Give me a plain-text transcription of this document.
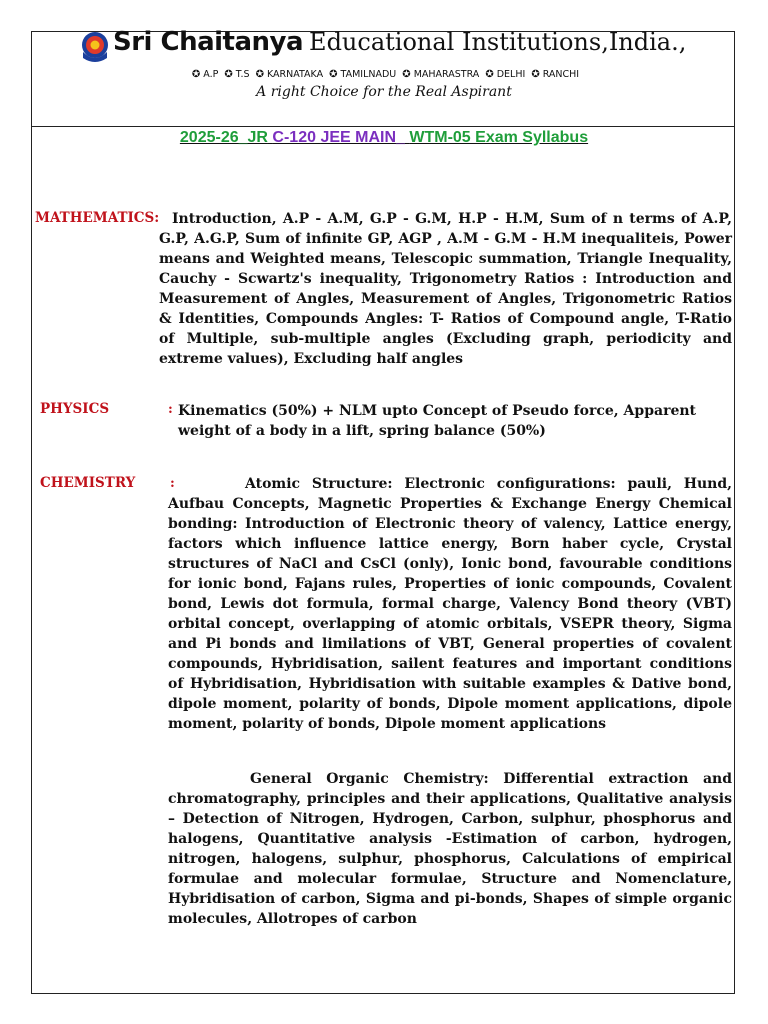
Sri Chaitanya Educational Institutions,India.,
✪ A.P ✪ T.S ✪ KARNATAKA ✪ TAMILNADU ✪ MAHARASTRA ✪ DELHI ✪ RANCHI
A right Choice for the Real Aspirant
2025-26_JR C-120 JEE MAIN_ WTM-05 Exam Syllabus
MATHEMATICS: Introduction, A.P - A.M, G.P - G.M, H.P - H.M, Sum of n terms of A.P,
G.P, A.G.P, Sum of infinite GP, AGP , A.M - G.M - H.M inequaliteis, Power means and Weighted means, Telescopic summation, Triangle Inequality, Cauchy - Scwartz's inequality, Trigonometry Ratios : Introduction and Measurement of Angles, Measurement of Angles, Trigonometric Ratios & Identities, Compounds Angles: T- Ratios of Compound angle, T-Ratio of Multiple, sub-multiple angles (Excluding graph, periodicity and extreme values), Excluding half angles
PHYSICS	: Kinematics (50%) + NLM upto Concept of Pseudo force, Apparent weight of a body in a lift, spring balance (50%)
CHEMISTRY	:	Atomic Structure: Electronic configurations: pauli, Hund, Aufbau Concepts, Magnetic Properties & Exchange Energy Chemical bonding: Introduction of Electronic theory of valency, Lattice energy, factors which influence lattice energy, Born haber cycle, Crystal structures of NaCl and CsCl (only), Ionic bond, favourable conditions for ionic bond, Fajans rules, Properties of ionic compounds, Covalent bond, Lewis dot formula, formal charge, Valency Bond theory (VBT) orbital concept, overlapping of atomic orbitals, VSEPR theory, Sigma and Pi bonds and limilations of VBT, General properties of covalent compounds, Hybridisation, sailent features and important conditions of Hybridisation, Hybridisation with suitable examples & Dative bond, dipole moment, polarity of bonds, Dipole moment applications, dipole moment, polarity of bonds, Dipole moment applications
General Organic Chemistry: Differential extraction and chromatography, principles and their applications, Qualitative analysis – Detection of Nitrogen, Hydrogen, Carbon, sulphur, phosphorus and halogens, Quantitative analysis -Estimation of carbon, hydrogen, nitrogen, halogens, sulphur, phosphorus, Calculations of empirical formulae and molecular formulae, Structure and Nomenclature, Hybridisation of carbon, Sigma and pi-bonds, Shapes of simple organic molecules, Allotropes of carbon
